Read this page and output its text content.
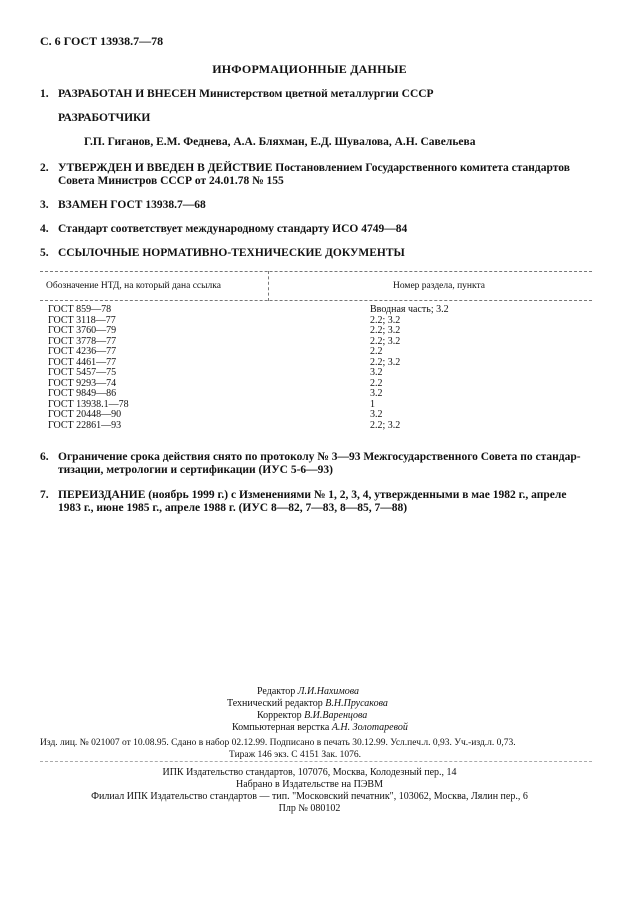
С. 6 ГОСТ 13938.7—78
ИНФОРМАЦИОННЫЕ ДАННЫЕ
1. РАЗРАБОТАН И ВНЕСЕН Министерством цветной металлургии СССР
РАЗРАБОТЧИКИ
Г.П. Гиганов, Е.М. Феднева, А.А. Бляхман, Е.Д. Шувалова, А.Н. Савельева
2. УТВЕРЖДЕН И ВВЕДЕН В ДЕЙСТВИЕ Постановлением Государственного комитета стандартов
Совета Министров СССР от 24.01.78 № 155
3. ВЗАМЕН ГОСТ 13938.7—68
4. Стандарт соответствует международному стандарту ИСО 4749—84
5. ССЫЛОЧНЫЕ НОРМАТИВНО-ТЕХНИЧЕСКИЕ ДОКУМЕНТЫ
Обозначение НТД, на который дана ссылка	Номер раздела, пункта
ГОСТ 859—78	Вводная часть; 3.2
ГОСТ 3118—77	2.2; 3.2
ГОСТ 3760—79	2.2; 3.2
ГОСТ 3778—77	2.2; 3.2
ГОСТ 4236—77	2.2
ГОСТ 4461—77	2.2; 3.2
ГОСТ 5457—75	3.2
ГОСТ 9293—74	2.2
ГОСТ 9849—86	3.2
ГОСТ 13938.1—78	1
ГОСТ 20448—90	3.2
ГОСТ 22861—93	2.2; 3.2
6. Ограничение срока действия снято по протоколу № 3—93 Межгосударственного Совета по стандар-
тизации, метрологии и сертификации (ИУС 5-6—93)
7. ПЕРЕИЗДАНИЕ (ноябрь 1999 г.) с Изменениями № 1, 2, 3, 4, утвержденными в мае 1982 г., апреле
1983 г., июне 1985 г., апреле 1988 г. (ИУС 8—82, 7—83, 8—85, 7—88)
Редактор Л.И.Нахимова
Технический редактор В.Н.Прусакова
Корректор В.И.Варенцова
Компьютерная верстка А.Н. Золотаревой
Изд. лиц. № 021007 от 10.08.95. Сдано в набор 02.12.99. Подписано в печать 30.12.99. Усл.печ.л. 0,93. Уч.-изд.л. 0,73.
Тираж 146 экз. С 4151 Зак. 1076.
ИПК Издательство стандартов, 107076, Москва, Колодезный пер., 14
Набрано в Издательстве на ПЭВМ
Филиал ИПК Издательство стандартов — тип. "Московский печатник", 103062, Москва, Лялин пер., 6
Плр № 080102
